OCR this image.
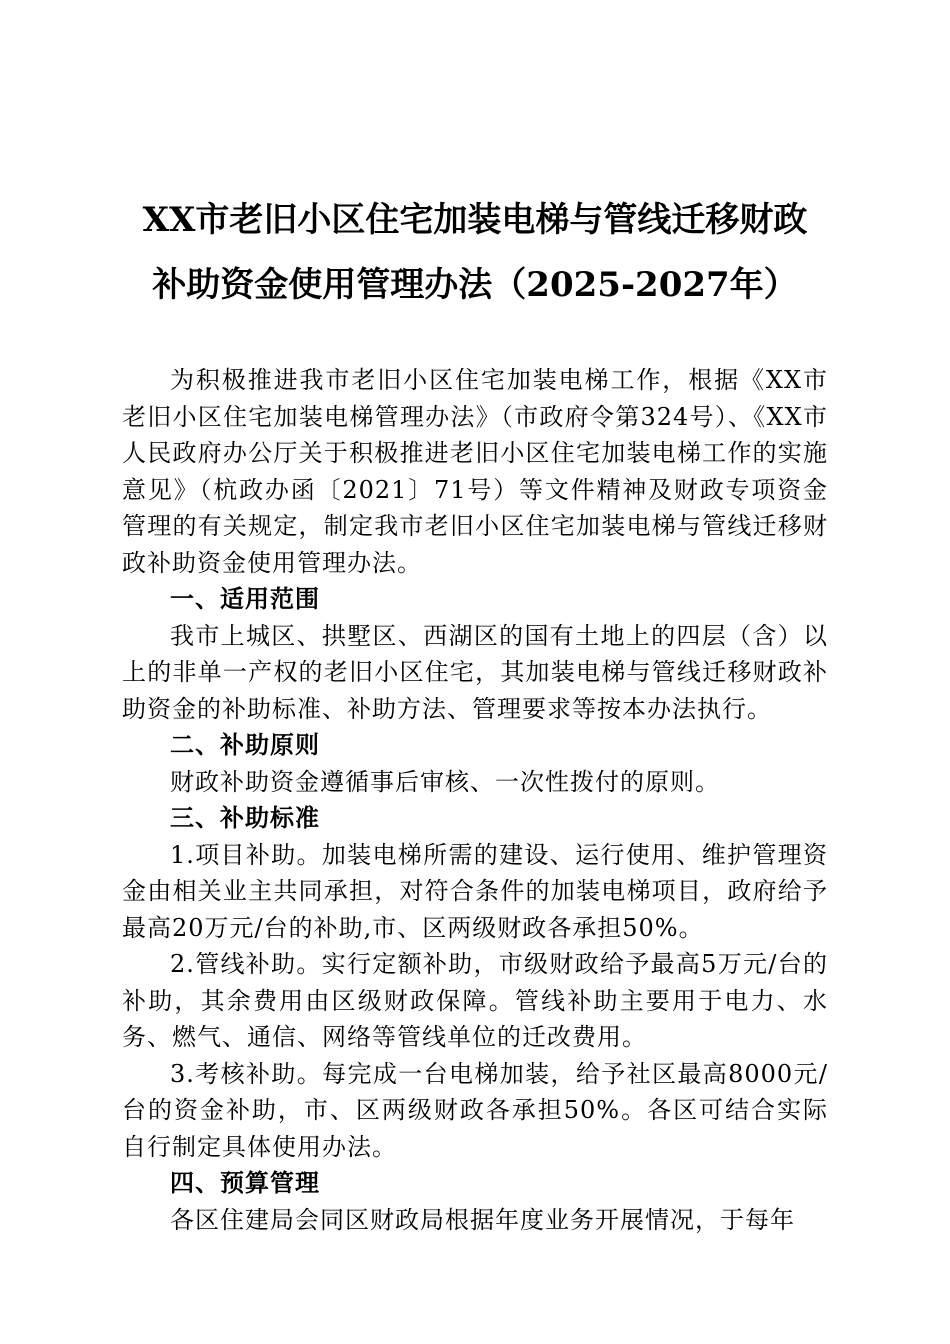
XX市老旧小区住宅加装电梯与管线迁移财政
补助资金使用管理办法（2025-2027年）

为积极推进我市老旧小区住宅加装电梯工作，根据《XX市老旧小区住宅加装电梯管理办法》（市政府令第324号）、《XX市人民政府办公厅关于积极推进老旧小区住宅加装电梯工作的实施意见》（杭政办函〔2021〕71号）等文件精神及财政专项资金管理的有关规定，制定我市老旧小区住宅加装电梯与管线迁移财政补助资金使用管理办法。

一、适用范围

我市上城区、拱墅区、西湖区的国有土地上的四层（含）以上的非单一产权的老旧小区住宅，其加装电梯与管线迁移财政补助资金的补助标准、补助方法、管理要求等按本办法执行。

二、补助原则

财政补助资金遵循事后审核、一次性拨付的原则。

三、补助标准

1.项目补助。加装电梯所需的建设、运行使用、维护管理资金由相关业主共同承担，对符合条件的加装电梯项目，政府给予最高20万元/台的补助,市、区两级财政各承担50%。

2.管线补助。实行定额补助，市级财政给予最高5万元/台的补助，其余费用由区级财政保障。管线补助主要用于电力、水务、燃气、通信、网络等管线单位的迁改费用。

3.考核补助。每完成一台电梯加装，给予社区最高8000元/台的资金补助，市、区两级财政各承担50%。各区可结合实际自行制定具体使用办法。

四、预算管理

各区住建局会同区财政局根据年度业务开展情况，于每年
